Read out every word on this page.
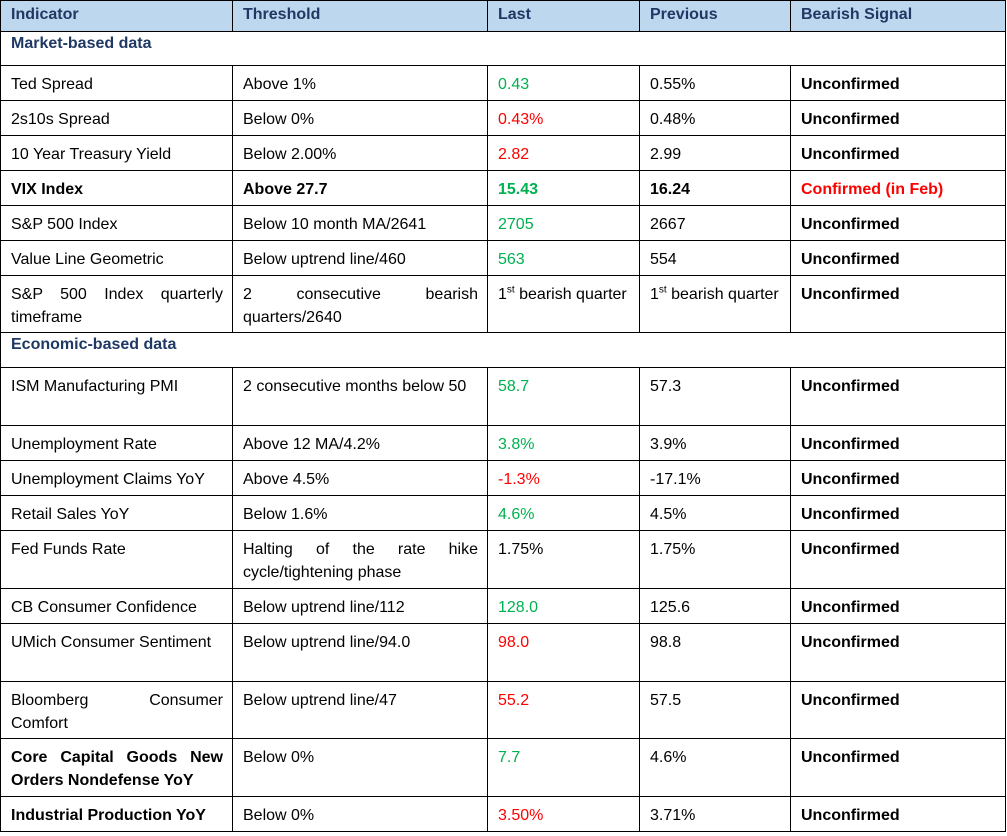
Indicator	Threshold	Last	Previous	Bearish Signal
Market-based data				
Ted Spread	Above 1%	0.43	0.55%	Unconfirmed
2s10s Spread	Below 0%	0.43%	0.48%	Unconfirmed
10 Year Treasury Yield	Below 2.00%	2.82	2.99	Unconfirmed
VIX Index	Above 27.7	15.43	16.24	Confirmed (in Feb)
S&P 500 Index	Below 10 month MA/2641	2705	2667	Unconfirmed
Value Line Geometric	Below uptrend line/460	563	554	Unconfirmed
S&P 500 Index quarterly timeframe	2 consecutive bearish quarters/2640	1st bearish quarter	1st bearish quarter	Unconfirmed
Economic-based data				
ISM Manufacturing PMI	2 consecutive months below 50	58.7	57.3	Unconfirmed
Unemployment Rate	Above 12 MA/4.2%	3.8%	3.9%	Unconfirmed
Unemployment Claims YoY	Above 4.5%	-1.3%	-17.1%	Unconfirmed
Retail Sales YoY	Below 1.6%	4.6%	4.5%	Unconfirmed
Fed Funds Rate	Halting of the rate hike cycle/tightening phase	1.75%	1.75%	Unconfirmed
CB Consumer Confidence	Below uptrend line/112	128.0	125.6	Unconfirmed
UMich Consumer Sentiment	Below uptrend line/94.0	98.0	98.8	Unconfirmed
Bloomberg Consumer Comfort	Below uptrend line/47	55.2	57.5	Unconfirmed
Core Capital Goods New Orders Nondefense YoY	Below 0%	7.7	4.6%	Unconfirmed
Industrial Production YoY	Below 0%	3.50%	3.71%	Unconfirmed
